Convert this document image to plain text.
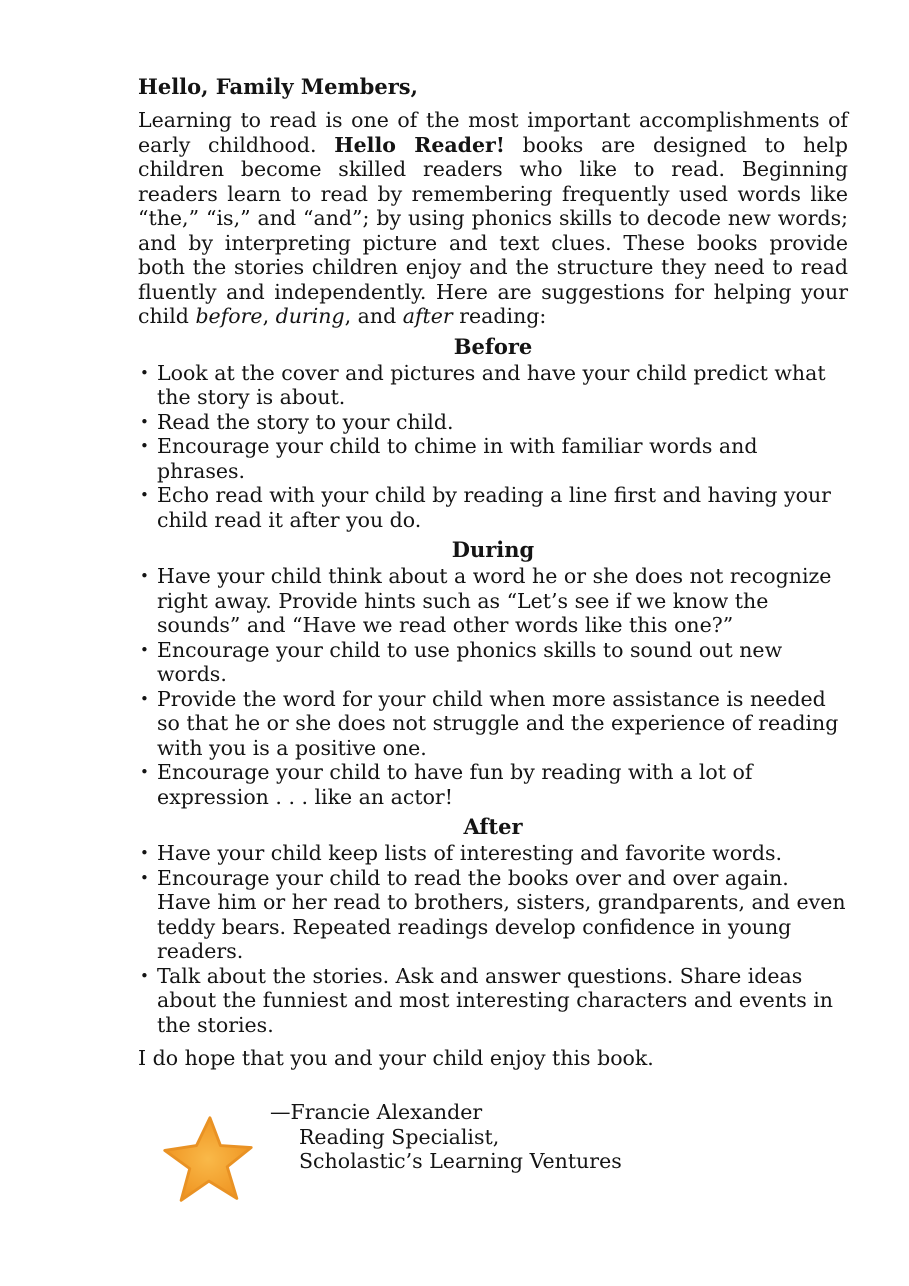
Hello, Family Members,

Learning to read is one of the most important accomplishments of early childhood. Hello Reader! books are designed to help children become skilled readers who like to read. Beginning readers learn to read by remembering frequently used words like “the,” “is,” and “and”; by using phonics skills to decode new words; and by interpreting picture and text clues. These books provide both the stories children enjoy and the structure they need to read fluently and independently. Here are suggestions for helping your child before, during, and after reading:

Before
• Look at the cover and pictures and have your child predict what the story is about.
• Read the story to your child.
• Encourage your child to chime in with familiar words and phrases.
• Echo read with your child by reading a line first and having your child read it after you do.
During
• Have your child think about a word he or she does not recognize right away. Provide hints such as “Let’s see if we know the sounds” and “Have we read other words like this one?”
• Encourage your child to use phonics skills to sound out new words.
• Provide the word for your child when more assistance is needed so that he or she does not struggle and the experience of reading with you is a positive one.
• Encourage your child to have fun by reading with a lot of expression . . . like an actor!
After
• Have your child keep lists of interesting and favorite words.
• Encourage your child to read the books over and over again. Have him or her read to brothers, sisters, grandparents, and even teddy bears. Repeated readings develop confidence in young readers.
• Talk about the stories. Ask and answer questions. Share ideas about the funniest and most interesting characters and events in the stories.

I do hope that you and your child enjoy this book.

—Francie Alexander
Reading Specialist,
Scholastic’s Learning Ventures
